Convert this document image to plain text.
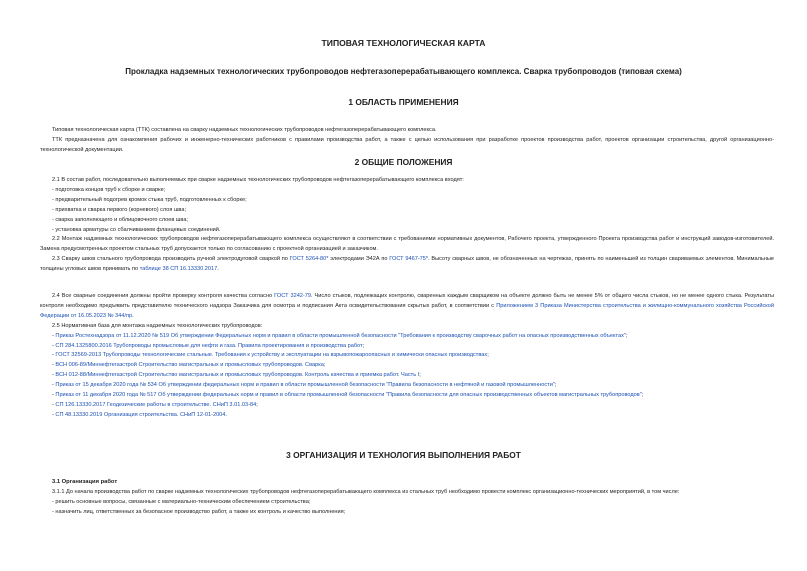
ТИПОВАЯ ТЕХНОЛОГИЧЕСКАЯ КАРТА
Прокладка надземных технологических трубопроводов нефтегазоперерабатывающего комплекса. Сварка трубопроводов (типовая схема)
1 ОБЛАСТЬ ПРИМЕНЕНИЯ

Типовая технологическая карта (ТТК) составлена на сварку надземных технологических трубопроводов нефтегазоперерабатывающего комплекса.

ТТК предназначена для ознакомления рабочих и инженерно-технических работников с правилами производства работ, а также с целью использования при разработке проектов производства работ, проектов организации строительства, другой организационно-технологической документации.

2 ОБЩИЕ ПОЛОЖЕНИЯ

2.1 В состав работ, последовательно выполняемых при сварке надземных технологических трубопроводов нефтегазоперерабатывающего комплекса входят:

- подготовка концов труб к сборке и сварке;

- предварительный подогрев кромок стыка труб, подготовленных к сборке;

- прихватка и сварка первого (корневого) слоя шва;

- сварка заполняющего и облицовочного слоев шва;

- установка арматуры со сбалчиванием фланцевых соединений.

2.2 Монтаж надземных технологических трубопроводов нефтегазоперерабатывающего комплекса осуществляют в соответствии с требованиями нормативных документов, Рабочего проекта, утвержденного Проекта производства работ и инструкций заводов-изготовителей. Замена предусмотренных проектом стальных труб допускается только по согласованию с проектной организацией и заказчиком.

2.3 Сварку швов стального трубопровода производить ручной электродуговой сваркой по ГОСТ 5264-80* электродами Э42А по ГОСТ 9467-75*. Высоту сварных швов, не обозначенных на чертежах, принять по наименьшей из толщин свариваемых элементов. Минимальные толщины угловых швов принимать по таблице 38 СП 16.13330.2017.

2.4 Все сварные соединения должны пройти проверку контроля качества согласно ГОСТ 3242-79. Число стыков, подлежащих контролю, сваренных каждым сварщиком на объекте должно быть не менее 5% от общего числа стыков, но не менее одного стыка. Результаты контроля необходимо предъявить представителю технического надзора Заказчика для осмотра и подписания Акта освидетельствования скрытых работ, в соответствии с Приложением 3 Приказа Министерства строительства и жилищно-коммунального хозяйства Российской Федерации от 16.05.2023 № 344/пр.

2.5 Нормативная база для монтажа надземных технологических трубопроводов:

- Приказ Ростехнадзора от 11.12.2020 № 519 Об утверждении Федеральных норм и правил в области промышленной безопасности "Требования к производству сварочных работ на опасных производственных объектах";

- СП 284.1325800.2016 Трубопроводы промысловые для нефти и газа. Правила проектирования и производства работ;

- ГОСТ 32569-2013 Трубопроводы технологические стальные. Требования к устройству и эксплуатации на взрывопожароопасных и химически опасных производствах;

- ВСН 006-89/Миннефтегазстрой Строительство магистральных и промысловых трубопроводов. Сварка;

- ВСН 012-88/Миннефтегазстрой Строительство магистральных и промысловых трубопроводов. Контроль качества и приемка работ. Часть I;

- Приказ от 15 декабря 2020 года № 534 Об утверждении федеральных норм и правил в области промышленной безопасности "Правила безопасности в нефтяной и газовой промышленности";

- Приказ от 11 декабря 2020 года № 517 Об утверждении федеральных норм и правил в области промышленной безопасности "Правила безопасности для опасных производственных объектов магистральных трубопроводов";

- СП 126.13330.2017 Геодезические работы в строительстве. СНиП 3.01.03-84;

- СП 48.13330.2019 Организация строительства. СНиП 12-01-2004.

3 ОРГАНИЗАЦИЯ И ТЕХНОЛОГИЯ ВЫПОЛНЕНИЯ РАБОТ

3.1 Организация работ

3.1.1 До начала производства работ по сварке надземных технологических трубопроводов нефтегазоперерабатывающего комплекса из стальных труб необходимо провести комплекс организационно-технических мероприятий, в том числе:

- решить основные вопросы, связанные с материально-техническим обеспечением строительства;

- назначить лиц, ответственных за безопасное производство работ, а также их контроль и качество выполнения;
